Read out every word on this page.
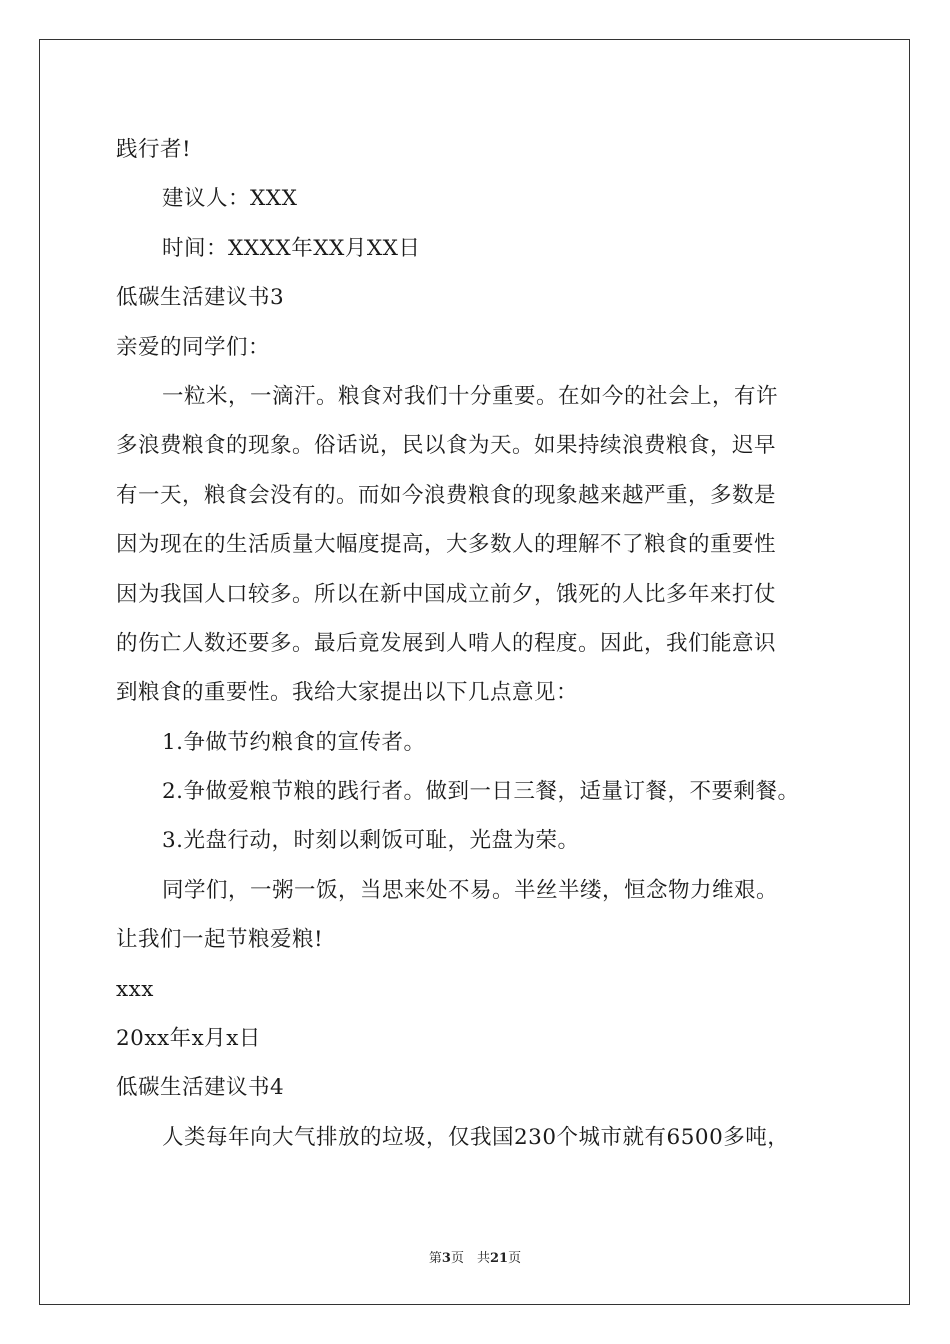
践行者!
建议人：XXX
时间：XXXX年XX月XX日
低碳生活建议书3
亲爱的同学们：
一粒米，一滴汗。粮食对我们十分重要。在如今的社会上，有许
多浪费粮食的现象。俗话说，民以食为天。如果持续浪费粮食，迟早
有一天，粮食会没有的。而如今浪费粮食的现象越来越严重，多数是
因为现在的生活质量大幅度提高，大多数人的理解不了粮食的重要性
因为我国人口较多。所以在新中国成立前夕，饿死的人比多年来打仗
的伤亡人数还要多。最后竟发展到人啃人的程度。因此，我们能意识
到粮食的重要性。我给大家提出以下几点意见：
1.争做节约粮食的宣传者。
2.争做爱粮节粮的践行者。做到一日三餐，适量订餐，不要剩餐。
3.光盘行动，时刻以剩饭可耻，光盘为荣。
同学们，一粥一饭，当思来处不易。半丝半缕，恒念物力维艰。
让我们一起节粮爱粮!
xxx
20xx年x月x日
低碳生活建议书4
人类每年向大气排放的垃圾，仅我国230个城市就有6500多吨，
第3页　共21页
